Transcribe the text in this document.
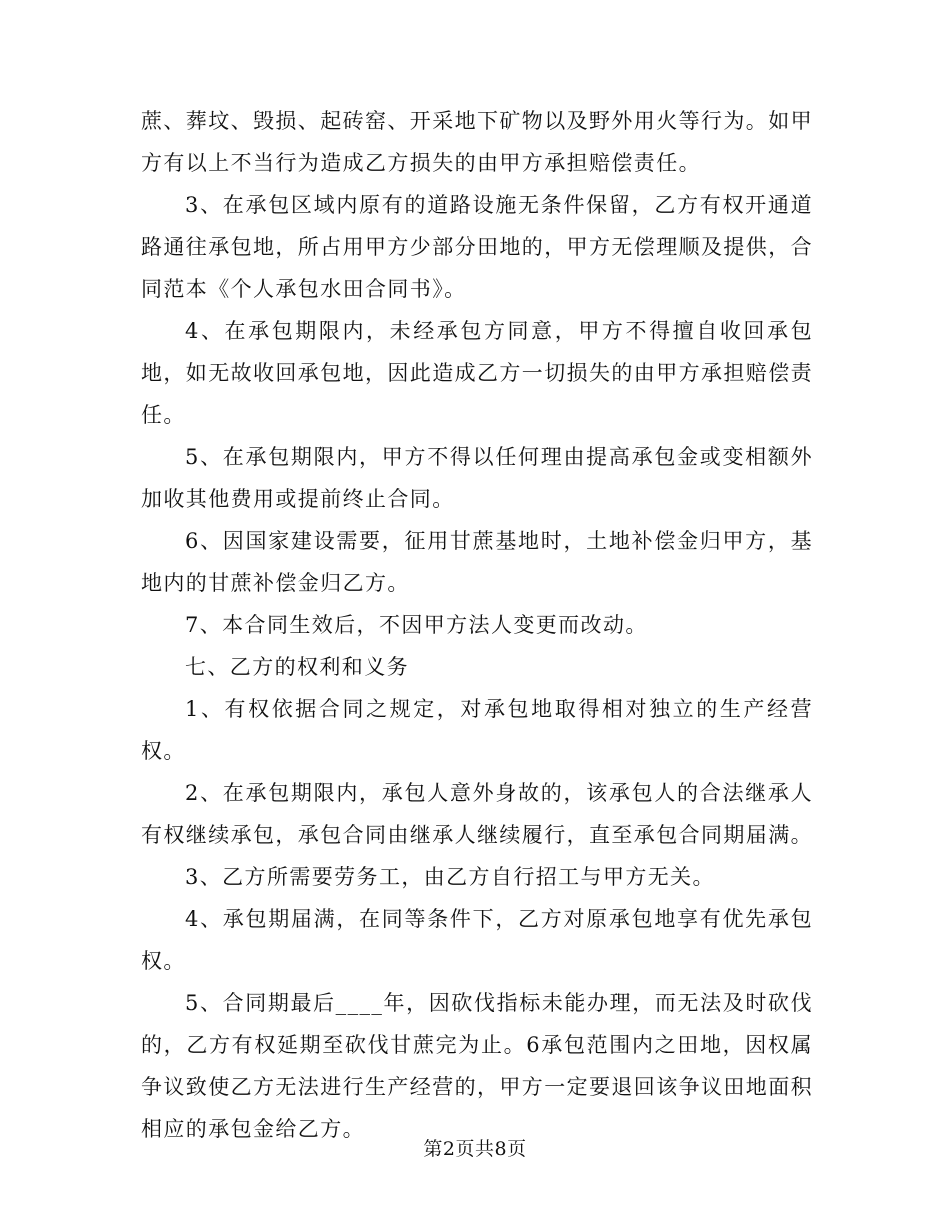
蔗、葬坟、毁损、起砖窑、开采地下矿物以及野外用火等行为。如甲方有以上不当行为造成乙方损失的由甲方承担赔偿责任。

3、在承包区域内原有的道路设施无条件保留，乙方有权开通道路通往承包地，所占用甲方少部分田地的，甲方无偿理顺及提供，合同范本《个人承包水田合同书》。

4、在承包期限内，未经承包方同意，甲方不得擅自收回承包地，如无故收回承包地，因此造成乙方一切损失的由甲方承担赔偿责任。

5、在承包期限内，甲方不得以任何理由提高承包金或变相额外加收其他费用或提前终止合同。

6、因国家建设需要，征用甘蔗基地时，土地补偿金归甲方，基地内的甘蔗补偿金归乙方。

7、本合同生效后，不因甲方法人变更而改动。

七、乙方的权利和义务

1、有权依据合同之规定，对承包地取得相对独立的生产经营权。

2、在承包期限内，承包人意外身故的，该承包人的合法继承人有权继续承包，承包合同由继承人继续履行，直至承包合同期届满。

3、乙方所需要劳务工，由乙方自行招工与甲方无关。

4、承包期届满，在同等条件下，乙方对原承包地享有优先承包权。

5、合同期最后____年，因砍伐指标未能办理，而无法及时砍伐的，乙方有权延期至砍伐甘蔗完为止。6承包范围内之田地，因权属争议致使乙方无法进行生产经营的，甲方一定要退回该争议田地面积相应的承包金给乙方。

第2页共8页
